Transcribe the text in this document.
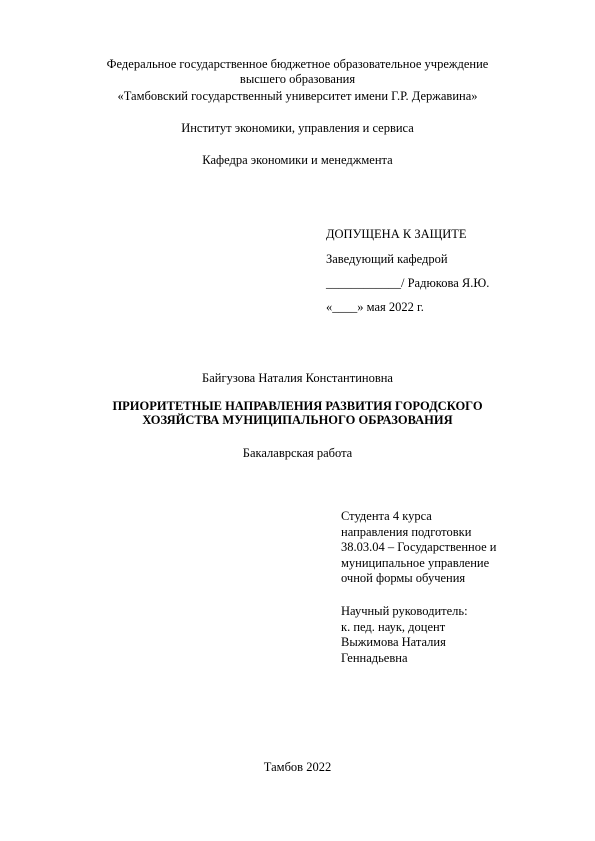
Федеральное государственное бюджетное образовательное учреждение
высшего образования
«Тамбовский государственный университет имени Г.Р. Державина»
Институт экономики, управления и сервиса
Кафедра экономики и менеджмента
ДОПУЩЕНА К ЗАЩИТЕ
Заведующий кафедрой
____________/ Радюкова Я.Ю.
«____» мая 2022 г.
Байгузова Наталия Константиновна
ПРИОРИТЕТНЫЕ НАПРАВЛЕНИЯ РАЗВИТИЯ ГОРОДСКОГО
ХОЗЯЙСТВА МУНИЦИПАЛЬНОГО ОБРАЗОВАНИЯ
Бакалаврская работа
Студента 4 курса
направления подготовки
38.03.04 – Государственное и
муниципальное управление
очной формы обучения
Научный руководитель:
к. пед. наук, доцент
Выжимова Наталия
Геннадьевна
Тамбов 2022
